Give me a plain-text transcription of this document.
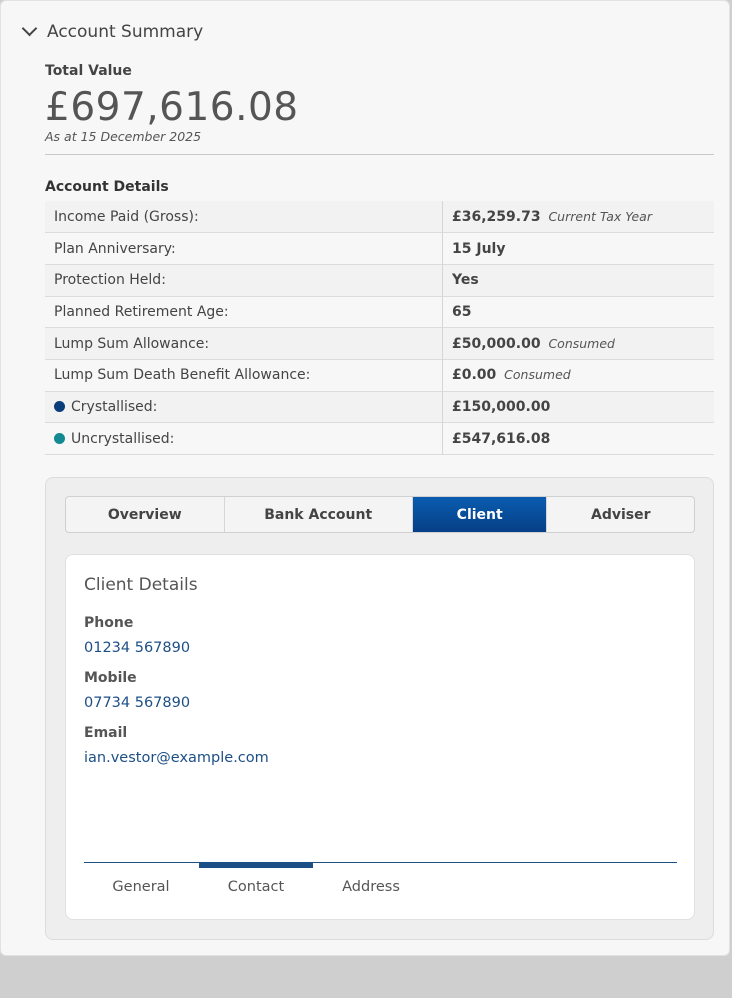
Account Summary
Total Value
£697,616.08
As at 15 December 2025
Account Details
Income Paid (Gross):	£36,259.73 Current Tax Year
Plan Anniversary:	15 July
Protection Held:	Yes
Planned Retirement Age:	65
Lump Sum Allowance:	£50,000.00 Consumed
Lump Sum Death Benefit Allowance:	£0.00 Consumed
Crystallised:	£150,000.00
Uncrystallised:	£547,616.08
Overview	Bank Account	Client	Adviser
Client Details
Phone
01234 567890
Mobile
07734 567890
Email
ian.vestor@example.com
General	Contact	Address
